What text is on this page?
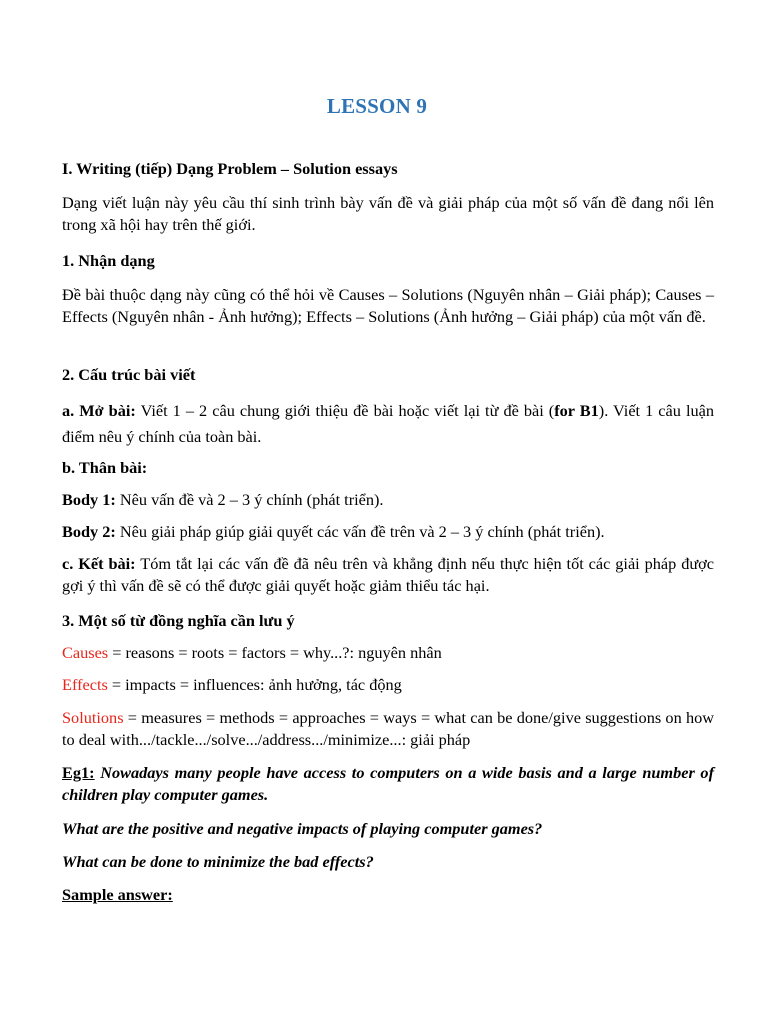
LESSON 9
I. Writing (tiếp) Dạng Problem – Solution essays
Dạng viết luận này yêu cầu thí sinh trình bày vấn đề và giải pháp của một số vấn đề đang nổi lên trong xã hội hay trên thế giới.
1. Nhận dạng
Đề bài thuộc dạng này cũng có thể hỏi về Causes – Solutions (Nguyên nhân – Giải pháp); Causes – Effects (Nguyên nhân - Ảnh hưởng); Effects – Solutions (Ảnh hưởng – Giải pháp) của một vấn đề.
2. Cấu trúc bài viết
a. Mở bài: Viết 1 – 2 câu chung giới thiệu đề bài hoặc viết lại từ đề bài (for B1). Viết 1 câu luận điểm nêu ý chính của toàn bài.
b. Thân bài:
Body 1: Nêu vấn đề và 2 – 3 ý chính (phát triển).
Body 2: Nêu giải pháp giúp giải quyết các vấn đề trên và 2 – 3 ý chính (phát triển).
c. Kết bài: Tóm tắt lại các vấn đề đã nêu trên và khẳng định nếu thực hiện tốt các giải pháp được gợi ý thì vấn đề sẽ có thể được giải quyết hoặc giảm thiểu tác hại.
3. Một số từ đồng nghĩa cần lưu ý
Causes = reasons = roots = factors = why...?: nguyên nhân
Effects = impacts = influences: ảnh hưởng, tác động
Solutions = measures = methods = approaches = ways = what can be done/give suggestions on how to deal with.../tackle.../solve.../address.../minimize...: giải pháp
Eg1: Nowadays many people have access to computers on a wide basis and a large number of children play computer games.
What are the positive and negative impacts of playing computer games?
What can be done to minimize the bad effects?
Sample answer:
